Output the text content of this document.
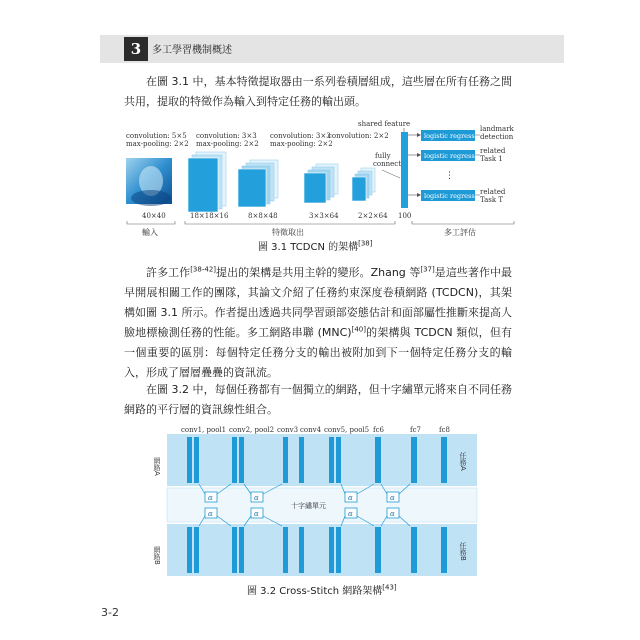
3	多工學習機制概述

在圖 3.1 中，基本特徵提取器由一系列卷積層組成，這些層在所有任務之間共用，提取的特徵作為輸入到特定任務的輸出頭。

convolution: 5×5
max-pooling: 2×2
convolution: 3×3
max-pooling: 2×2
convolution: 3×3
max-pooling: 2×2
convolution: 2×2
shared feature
fully
connect
logistic regression
logistic regression
logistic regression
⋮
landmark
detection
related
Task 1
related
Task T
40×40	18×18×16	8×8×48	3×3×64	2×2×64 100
輸入	特徵取出	多工評估
圖 3.1 TCDCN 的架構[38]

許多工作[38-42]提出的架構是共用主幹的變形。Zhang 等[37]是這些著作中最早開展相關工作的團隊，其論文介紹了任務約束深度卷積網路 (TCDCN)，其架構如圖 3.1 所示。作者提出透過共同學習頭部姿態估計和面部屬性推斷來提高人臉地標檢測任務的性能。多工網路串聯 (MNC)[40]的架構與 TCDCN 類似，但有一個重要的區別：每個特定任務分支的輸出被附加到下一個特定任務分支的輸入，形成了層層疊疊的資訊流。

在圖 3.2 中，每個任務都有一個獨立的網路，但十字繡單元將來自不同任務網路的平行層的資訊線性組合。

conv1, pool1 conv2, pool2 conv3 conv4 conv5, pool5 fc6	fc7	fc8
α
α
α
α
α
α
α
α
十字繡單元
網路A
網路B
任務A
任務B
圖 3.2 Cross-Stitch 網路架構[43]
3-2
